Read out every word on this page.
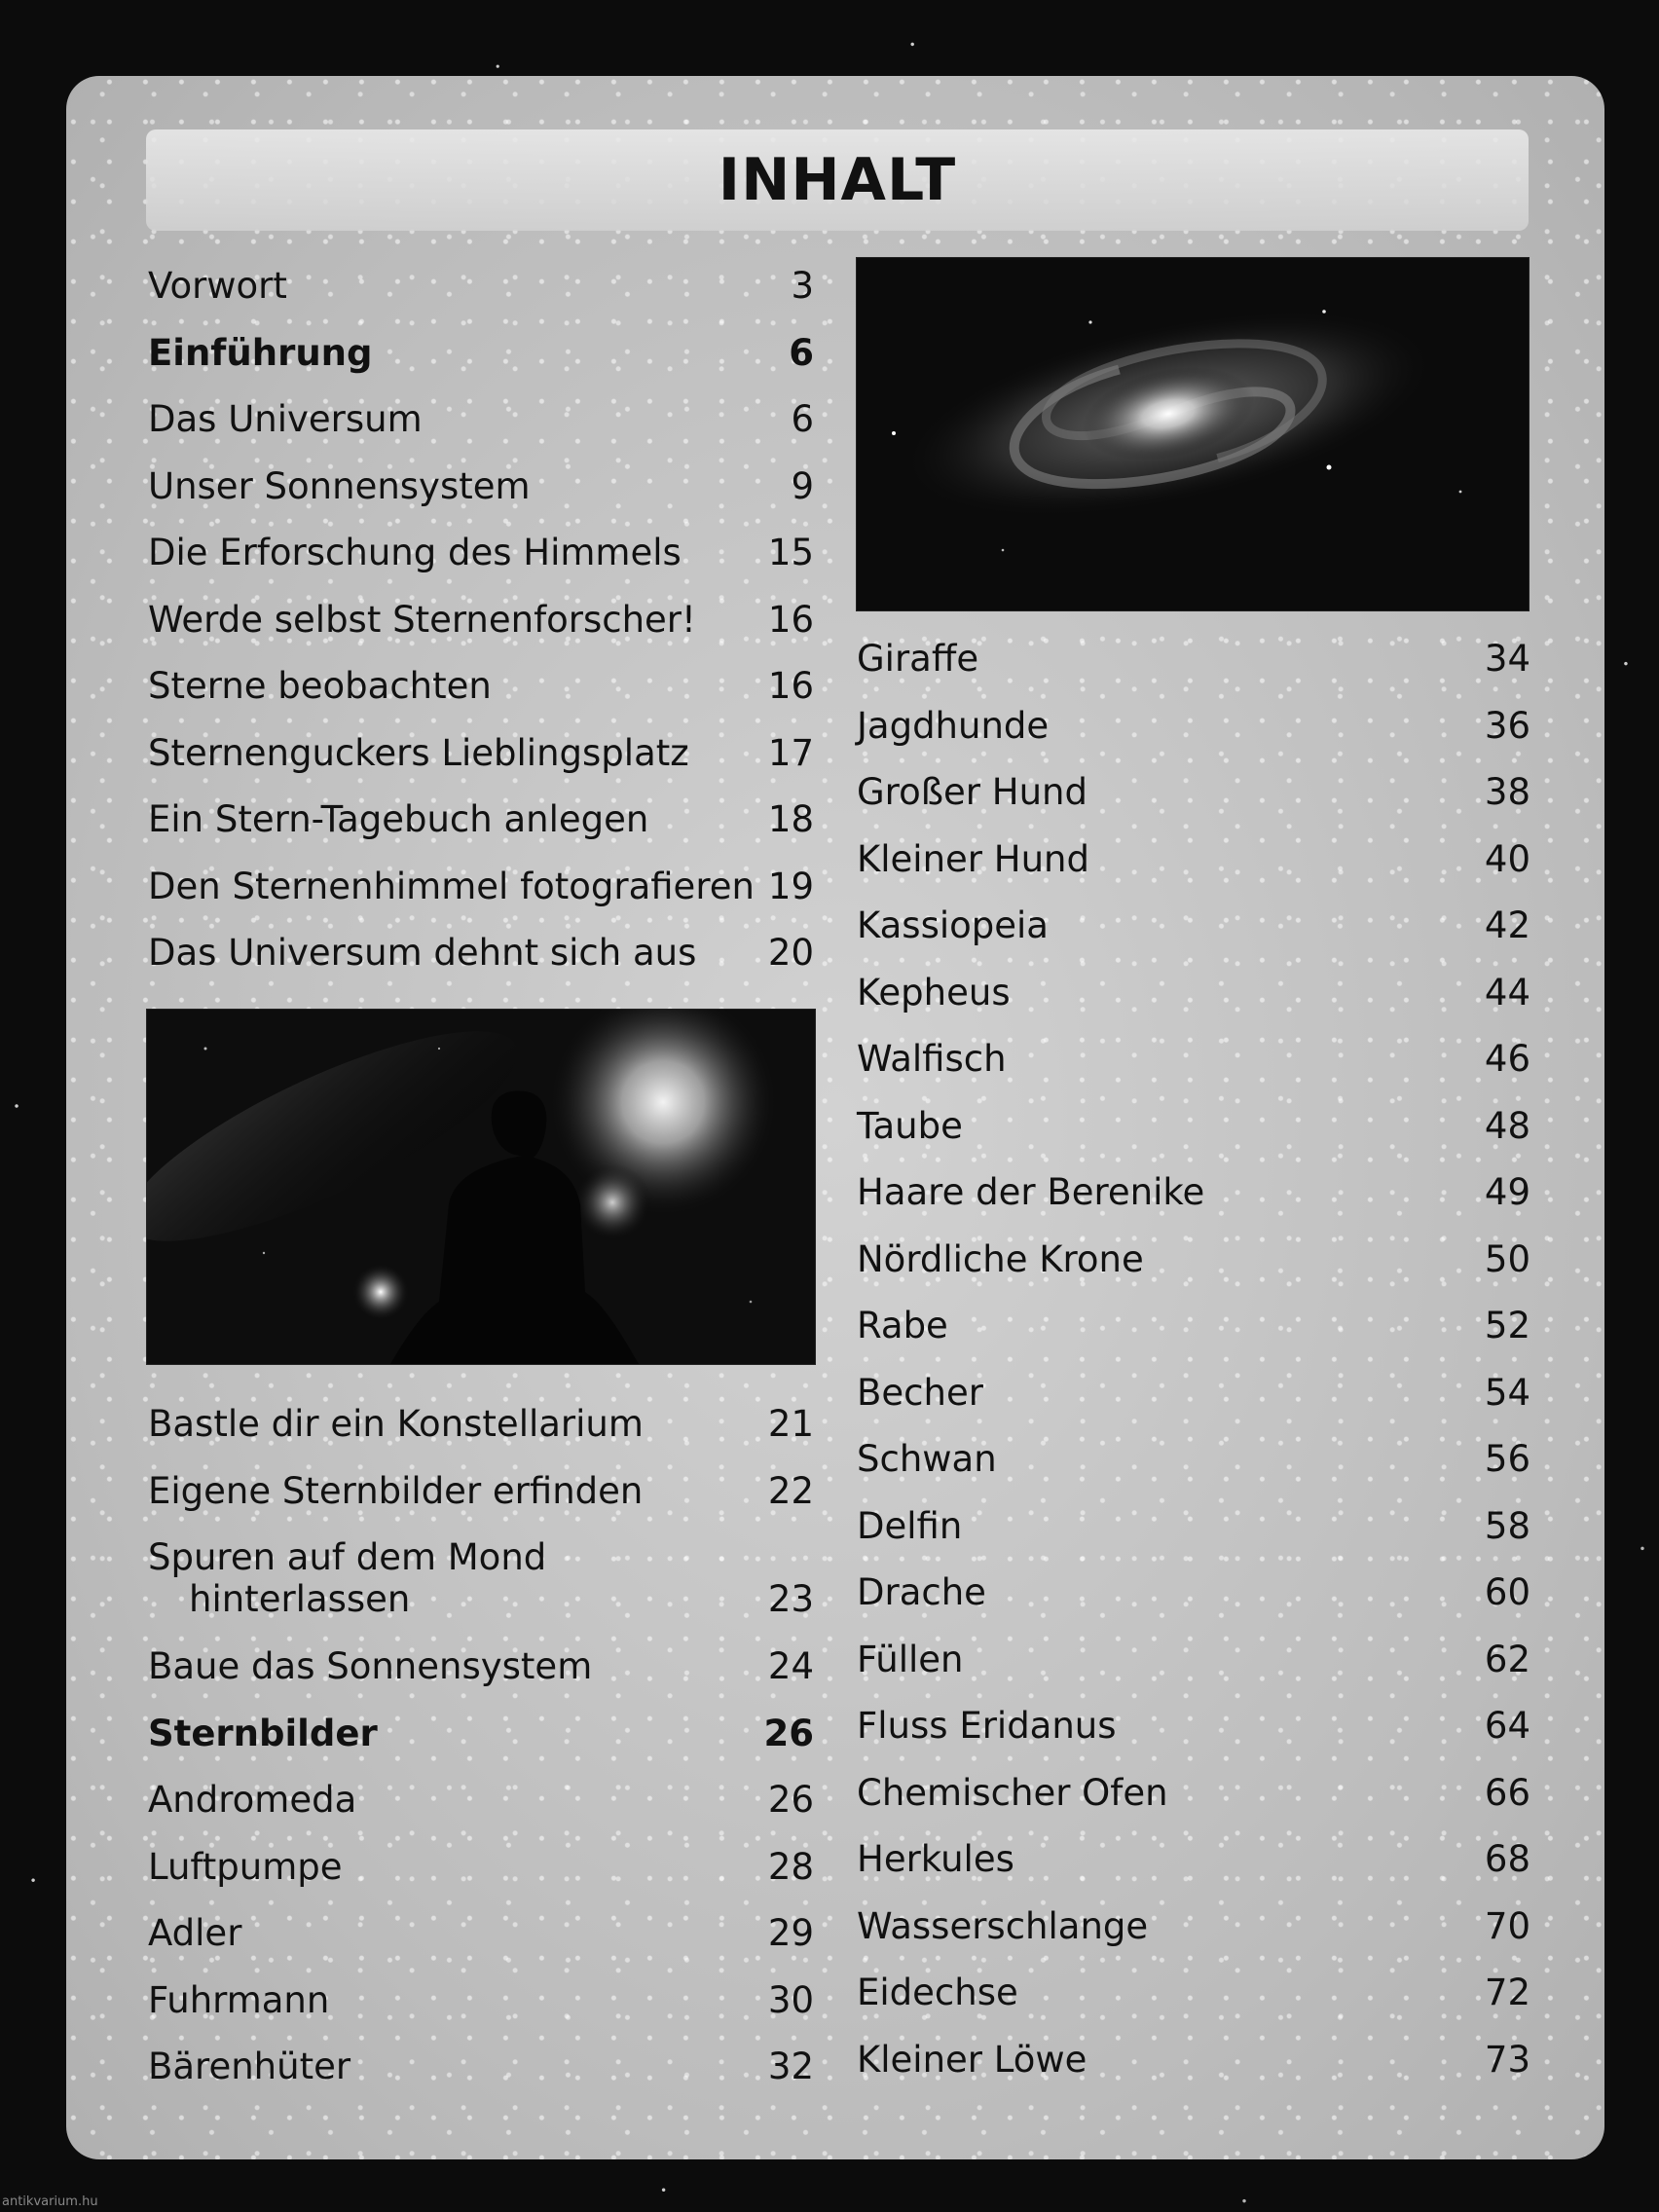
INHALT
Vorwort	3
Einführung	6
Das Universum	6
Unser Sonnensystem	9
Die Erforschung des Himmels 15
Werde selbst Sternenforscher! 16
Sterne beobachten	16
Sternenguckers Lieblingsplatz 17
Ein Stern-Tagebuch anlegen	18
Den Sternenhimmel fotografieren 19
Das Universum dehnt sich aus 20
Bastle dir ein Konstellarium	21
Eigene Sternbilder erfinden	22
Spuren auf dem Mond
hinterlassen	23
Baue das Sonnensystem	24
Sternbilder	26
Andromeda	26
Luftpumpe	28
Adler	29
Fuhrmann	30
Bärenhüter	32
Giraffe	34
Jagdhunde	36
Großer Hund	38
Kleiner Hund	40
Kassiopeia	42
Kepheus	44
Walfisch	46
Taube	48
Haare der Berenike	49
Nördliche Krone	50
Rabe	52
Becher	54
Schwan	56
Delfin	58
Drache	60
Füllen	62
Fluss Eridanus	64
Chemischer Ofen	66
Herkules	68
Wasserschlange	70
Eidechse	72
Kleiner Löwe	73
antikvarium.hu
